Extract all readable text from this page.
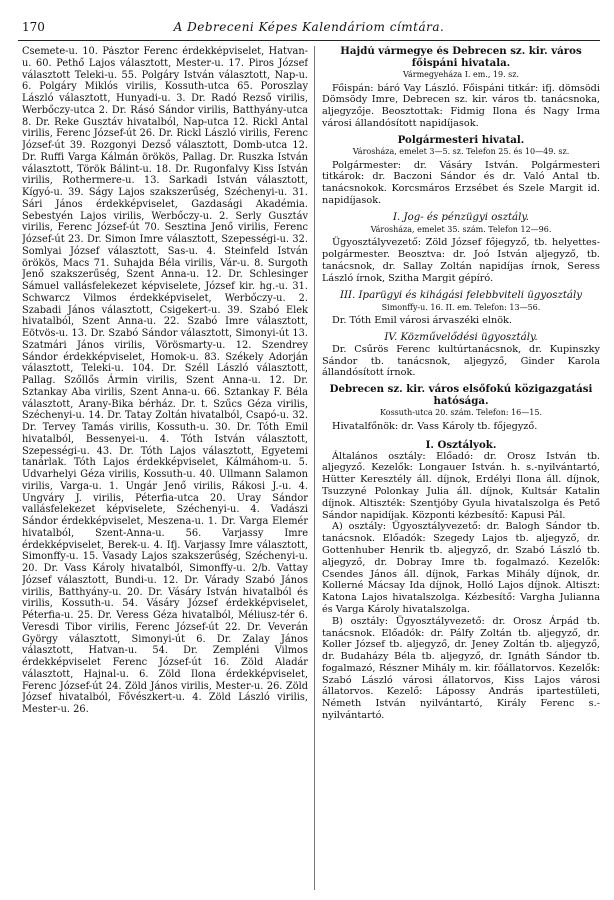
170	A Debreceni Képes Kalendáriom címtára.

Csemete-u. 10. Pásztor Ferenc érdekképviselet, Hatvan-u. 60. Pethő Lajos választott, Mester-u. 17. Piros József választott Teleki-u. 55. Polgáry István választott, Nap-u. 6. Polgáry Miklós virilis, Kossuth-utca 65. Poroszlay László választott, Hunyadi-u. 3. Dr. Radó Rezső virilis, Werbőczy-utca 2. Dr. Rásó Sándor virilis, Batthyány-utca 8. Dr. Reke Gusztáv hivatalból, Nap-utca 12. Rickl Antal virilis, Ferenc József-út 26. Dr. Rickl László virilis, Ferenc József-út 39. Rozgonyi Dezső választott, Domb-utca 12. Dr. Ruffi Varga Kálmán örökös, Pallag. Dr. Ruszka István választott, Török Bálint-u. 18. Dr. Rugonfalvy Kiss István virilis, Rothermere-u. 13. Sarkadi István választott, Kígyó-u. 39. Ságy Lajos szakszerűség, Széchenyi-u. 31. Sári János érdekképviselet, Gazdasági Akadémia. Sebestyén Lajos virilis, Werbőczy-u. 2. Serly Gusztáv virilis, Ferenc József-út 70. Sesztina Jenő virilis, Ferenc József-út 23. Dr. Simon Imre választott, Szepességi-u. 32. Somlyai József választott, Sas-u. 4. Steinfeld István örökös, Macs 71. Suhajda Béla virilis, Vár-u. 8. Surgoth Jenő szakszerűség, Szent Anna-u. 12. Dr. Schlesinger Sámuel vallásfelekezet képviselete, József kir. hg.-u. 31. Schwarcz Vilmos érdekképviselet, Werbőczy-u. 2. Szabadi János választott, Csigekert-u. 39. Szabó Elek hivatalból, Szent Anna-u. 22. Szabó Imre választott, Eötvös-u. 13. Dr. Szabó Sándor választott, Simonyi-út 13. Szatmári János virilis, Vörösmarty-u. 12. Szendrey Sándor érdekképviselet, Homok-u. 83. Székely Adorján választott, Teleki-u. 104. Dr. Széll László választott, Pallag. Szőllős Ármin virilis, Szent Anna-u. 12. Dr. Sztankay Aba virilis, Szent Anna-u. 66. Sztankay F. Béla választott, Arany-Bika bérház. Dr. t. Szűcs Géza virilis, Széchenyi-u. 14. Dr. Tatay Zoltán hivatalból, Csapó-u. 32. Dr. Tervey Tamás virilis, Kossuth-u. 30. Dr. Tóth Emil hivatalból, Bessenyei-u. 4. Tóth István választott, Szepességi-u. 43. Dr. Tóth Lajos választott, Egyetemi tanárlak. Tóth Lajos érdekképviselet, Kálmáhom-u. 5. Udvarhelyi Géza virilis, Kossuth-u. 40. Ullmann Salamon virilis, Varga-u. 1. Ungár Jenő virilis, Rákosi J.-u. 4. Ungváry J. virilis, Péterfia-utca 20. Uray Sándor vallásfelekezet képviselete, Széchenyi-u. 4. Vadászi Sándor érdekképviselet, Meszena-u. 1. Dr. Varga Elemér hivatalból, Szent-Anna-u. 56. Varjassy Imre érdekképviselet, Berek-u. 4. Ifj. Varjassy Imre választott, Simonffy-u. 15. Vasady Lajos szakszerűség, Széchenyi-u. 20. Dr. Vass Károly hivatalból, Simonffy-u. 2/b. Vattay József választott, Bundi-u. 12. Dr. Várady Szabó János virilis, Batthyány-u. 20. Dr. Vásáry István hivatalból és virilis, Kossuth-u. 54. Vásáry József érdekképviselet, Péterfia-u. 25. Dr. Veress Géza hivatalból, Méliusz-tér 6. Veresdi Tibor virilis, Ferenc József-út 22. Dr. Veverán György választott, Simonyi-út 6. Dr. Zalay János választott, Hatvan-u. 54. Dr. Zempléni Vilmos érdekképviselet Ferenc József-út 16. Zöld Aladár választott, Hajnal-u. 6. Zöld Ilona érdekképviselet, Ferenc József-út 24. Zöld János virilis, Mester-u. 26. Zöld József hivatalból, Fővészkert-u. 4. Zöld László virilis, Mester-u. 26.

Hajdú vármegye és Debrecen sz. kir. város főispáni hivatala.

Vármegyeháza I. em., 19. sz.

Főispán: báró Vay László. Főispáni titkár: ifj. dömsödi Dömsödy Imre, Debrecen sz. kir. város tb. tanácsnoka, aljegyzője. Beosztottak: Fidmig Ilona és Nagy Irma városi állandósított napidíjasok.

Polgármesteri hivatal.

Városháza, emelet 3—5. sz. Telefon 25. és 10—49. sz.

Polgármester: dr. Vásáry István. Polgármesteri titkárok: dr. Baczoni Sándor és dr. Való Antal tb. tanácsnokok. Korcsmáros Erzsébet és Szele Margit id. napidíjasok.

I. Jog- és pénzügyi osztály.

Városháza, emelet 35. szám. Telefon 12—96.

Ügyosztályvezető: Zöld József főjegyző, tb. helyettes-polgármester. Beosztva: dr. Joó István aljegyző, tb. tanácsnok, dr. Sallay Zoltán napidíjas írnok, Seress László írnok, Szitha Margit gépíró.

III. Iparügyi és kihágási felebbviteli ügyosztály

Simonffy-u. 16. II. em. Telefon: 13—56.

Dr. Tóth Emil városi árvaszéki elnök.

IV. Közművelődési ügyosztály.

Dr. Csűrös Ferenc kultúrtanácsnok, dr. Kupinszky Sándor tb. tanácsnok, aljegyző, Ginder Karola állandósított írnok.

Debrecen sz. kir. város elsőfokú közigazgatási hatósága.

Kossuth-utca 20. szám. Telefon: 16—15.

Hivatalfőnök: dr. Vass Károly tb. főjegyző.

I. Osztályok.

Általános osztály: Előadó: dr. Orosz István tb. aljegyző. Kezelők: Longauer István. h. s.-nyilvántartó, Hütter Keresztély áll. díjnok, Erdélyi Ilona áll. díjnok, Tsuzzyné Polonkay Julia áll. díjnok, Kultsár Katalin díjnok. Altiszték: Szentjóby Gyula hivatalszolga és Pető Sándor napidíjak. Központi kézbesítő: Kapusi Pál.

A) osztály: Ügyosztályvezető: dr. Balogh Sándor tb. tanácsnok. Előadók: Szegedy Lajos tb. aljegyző, dr. Gottenhuber Henrik tb. aljegyző, dr. Szabó László tb. aljegyző, dr. Dobray Imre tb. fogalmazó. Kezelők: Csendes János áll. díjnok, Farkas Mihály díjnok, dr. Kollerné Mácsay Ida díjnok, Holló Lajos díjnok. Altiszt: Katona Lajos hivatalszolga. Kézbesítő: Vargha Julianna és Varga Károly hivatalszolga.

B) osztály: Ügyosztályvezető: dr. Orosz Árpád tb. tanácsnok. Előadók: dr. Pálfy Zoltán tb. aljegyző, dr. Koller József tb. aljegyző, dr. Jeney Zoltán tb. aljegyző, dr. Budaházy Béla tb. aljegyző, dr. Ignáth Sándor tb. fogalmazó, Részner Mihály m. kir. főállatorvos. Kezelők: Szabó László városi állatorvos, Kiss Lajos városi állatorvos. Kezelő: Lápossy András ipartestületi, Németh István nyilvántartó, Király Ferenc s.-nyilvántartó.
